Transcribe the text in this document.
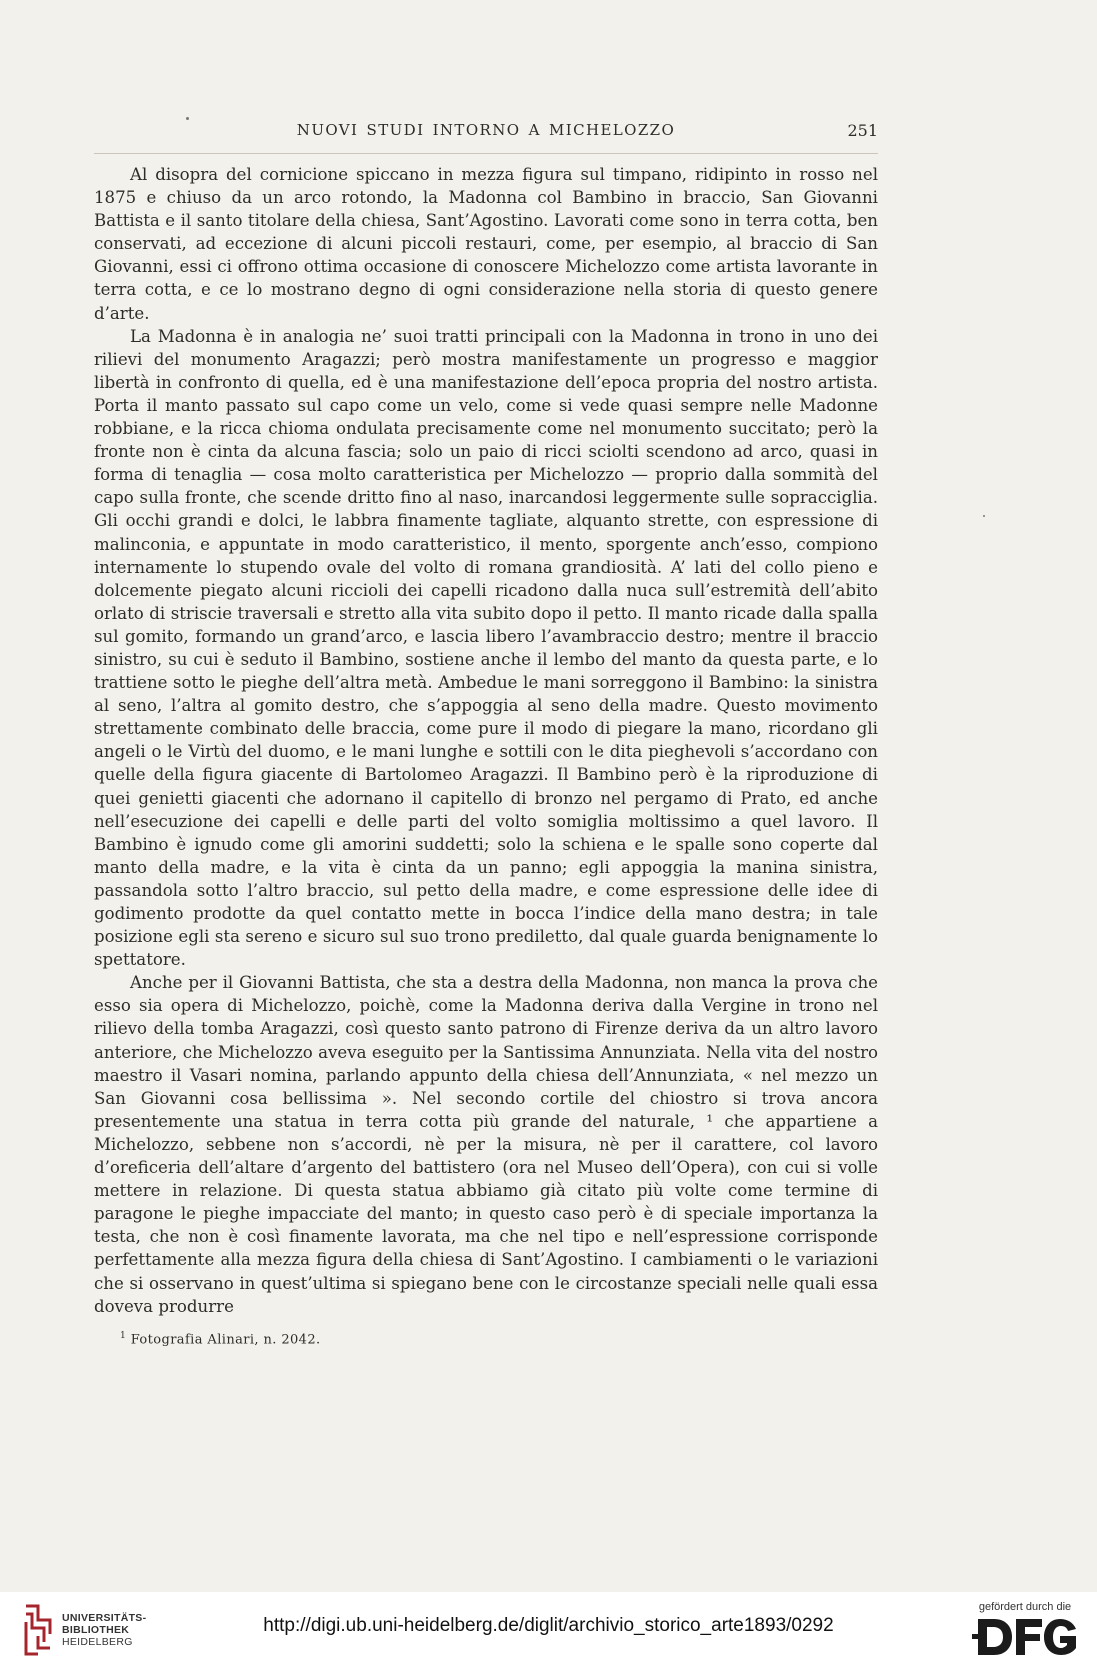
NUOVI STUDI INTORNO A MICHELOZZO	251

Al disopra del cornicione spiccano in mezza figura sul timpano, ridipinto in rosso nel 1875 e chiuso da un arco rotondo, la Madonna col Bambino in braccio, San Giovanni Battista e il santo titolare della chiesa, Sant’Agostino. Lavorati come sono in terra cotta, ben conservati, ad eccezione di alcuni piccoli restauri, come, per esempio, al braccio di San Giovanni, essi ci offrono ottima occasione di conoscere Michelozzo come artista lavorante in terra cotta, e ce lo mostrano degno di ogni considerazione nella storia di questo genere d’arte.

La Madonna è in analogia ne’ suoi tratti principali con la Madonna in trono in uno dei rilievi del monumento Aragazzi; però mostra manifestamente un progresso e maggior libertà in confronto di quella, ed è una manifestazione dell’epoca propria del nostro artista. Porta il manto passato sul capo come un velo, come si vede quasi sempre nelle Madonne robbiane, e la ricca chioma ondulata precisamente come nel monumento succitato; però la fronte non è cinta da alcuna fascia; solo un paio di ricci sciolti scendono ad arco, quasi in forma di tenaglia — cosa molto caratteristica per Michelozzo — proprio dalla sommità del capo sulla fronte, che scende dritto fino al naso, inarcandosi leggermente sulle sopracciglia. Gli occhi grandi e dolci, le labbra finamente tagliate, alquanto strette, con espressione di malinconia, e appuntate in modo caratteristico, il mento, sporgente anch’esso, compiono internamente lo stupendo ovale del volto di romana grandiosità. A’ lati del collo pieno e dolcemente piegato alcuni riccioli dei capelli ricadono dalla nuca sull’estremità dell’abito orlato di striscie traversali e stretto alla vita subito dopo il petto. Il manto ricade dalla spalla sul gomito, formando un grand’arco, e lascia libero l’avambraccio destro; mentre il braccio sinistro, su cui è seduto il Bambino, sostiene anche il lembo del manto da questa parte, e lo trattiene sotto le pieghe dell’altra metà. Ambedue le mani sorreggono il Bambino: la sinistra al seno, l’altra al gomito destro, che s’appoggia al seno della madre. Questo movimento strettamente combinato delle braccia, come pure il modo di piegare la mano, ricordano gli angeli o le Virtù del duomo, e le mani lunghe e sottili con le dita pieghevoli s’accordano con quelle della figura giacente di Bartolomeo Aragazzi. Il Bambino però è la riproduzione di quei genietti giacenti che adornano il capitello di bronzo nel pergamo di Prato, ed anche nell’esecuzione dei capelli e delle parti del volto somiglia moltissimo a quel lavoro. Il Bambino è ignudo come gli amorini suddetti; solo la schiena e le spalle sono coperte dal manto della madre, e la vita è cinta da un panno; egli appoggia la manina sinistra, passandola sotto l’altro braccio, sul petto della madre, e come espressione delle idee di godimento prodotte da quel contatto mette in bocca l’indice della mano destra; in tale posizione egli sta sereno e sicuro sul suo trono prediletto, dal quale guarda benignamente lo spettatore.

Anche per il Giovanni Battista, che sta a destra della Madonna, non manca la prova che esso sia opera di Michelozzo, poichè, come la Madonna deriva dalla Vergine in trono nel rilievo della tomba Aragazzi, così questo santo patrono di Firenze deriva da un altro lavoro anteriore, che Michelozzo aveva eseguito per la Santissima Annunziata. Nella vita del nostro maestro il Vasari nomina, parlando appunto della chiesa dell’Annunziata, « nel mezzo un San Giovanni cosa bellissima ». Nel secondo cortile del chiostro si trova ancora presentemente una statua in terra cotta più grande del naturale, ¹ che appartiene a Michelozzo, sebbene non s’accordi, nè per la misura, nè per il carattere, col lavoro d’oreficeria dell’altare d’argento del battistero (ora nel Museo dell’Opera), con cui si volle mettere in relazione. Di questa statua abbiamo già citato più volte come termine di paragone le pieghe impacciate del manto; in questo caso però è di speciale importanza la testa, che non è così finamente lavorata, ma che nel tipo e nell’espressione corrisponde perfettamente alla mezza figura della chiesa di Sant’Agostino. I cambiamenti o le variazioni che si osservano in quest’ultima si spiegano bene con le circostanze speciali nelle quali essa doveva produrre

$^1$ Fotografia Alinari, n. 2042.
UNIVERSITÄTS-
BIBLIOTHEK
HEIDELBERG
http://digi.ub.uni-heidelberg.de/diglit/archivio_storico_arte1893/0292
gefördert durch die
